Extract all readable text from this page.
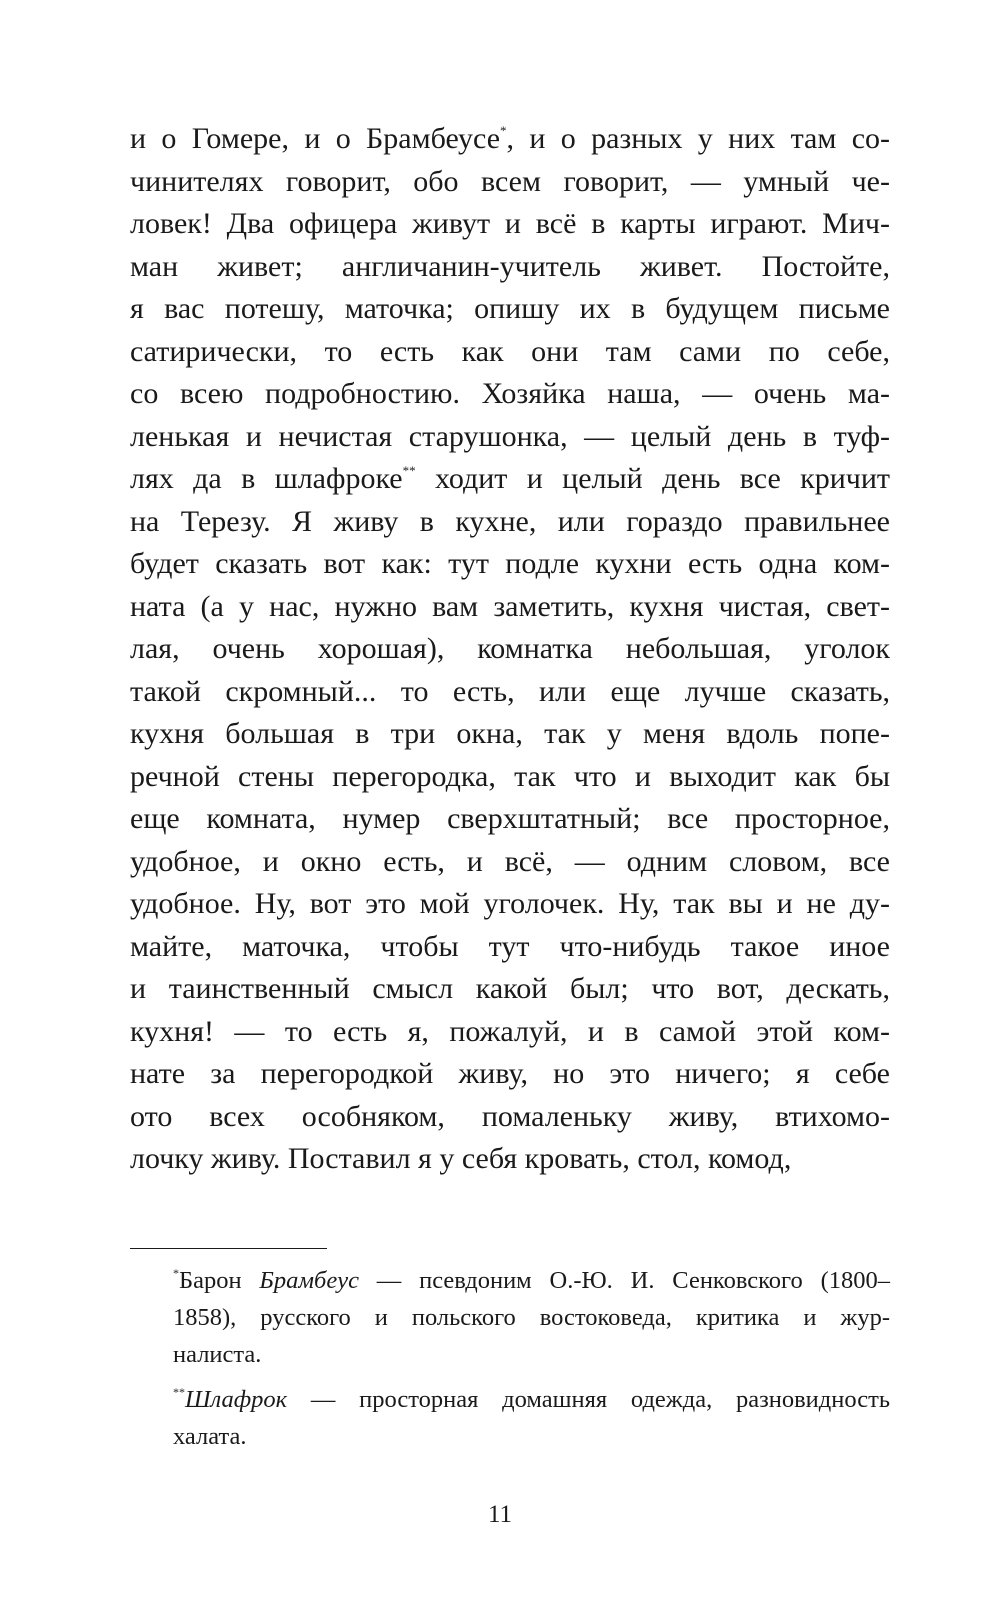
и о Гомере, и о Брамбеусе*, и о разных у них там со-
чинителях говорит, обо всем говорит, — умный че-
ловек! Два офицера живут и всё в карты играют. Мич-
ман живет; англичанин-учитель живет. Постойте,
я вас потешу, маточка; опишу их в будущем письме
сатирически, то есть как они там сами по себе,
со всею подробностию. Хозяйка наша, — очень ма-
ленькая и нечистая старушонка, — целый день в туф-
лях да в шлафроке** ходит и целый день все кричит
на Терезу. Я живу в кухне, или гораздо правильнее
будет сказать вот как: тут подле кухни есть одна ком-
ната (а у нас, нужно вам заметить, кухня чистая, свет-
лая, очень хорошая), комнатка небольшая, уголок
такой скромный... то есть, или еще лучше сказать,
кухня большая в три окна, так у меня вдоль попе-
речной стены перегородка, так что и выходит как бы
еще комната, нумер сверхштатный; все просторное,
удобное, и окно есть, и всё, — одним словом, все
удобное. Ну, вот это мой уголочек. Ну, так вы и не ду-
майте, маточка, чтобы тут что-нибудь такое иное
и таинственный смысл какой был; что вот, дескать,
кухня! — то есть я, пожалуй, и в самой этой ком-
нате за перегородкой живу, но это ничего; я себе
ото всех особняком, помаленьку живу, втихомо-
лочку живу. Поставил я у себя кровать, стол, комод,
*Барон Брамбеус — псевдоним О.-Ю. И. Сенковского (1800–
1858), русского и польского востоковеда, критика и жур-
налиста.
**Шлафрок — просторная домашняя одежда, разновидность
халата.
11
